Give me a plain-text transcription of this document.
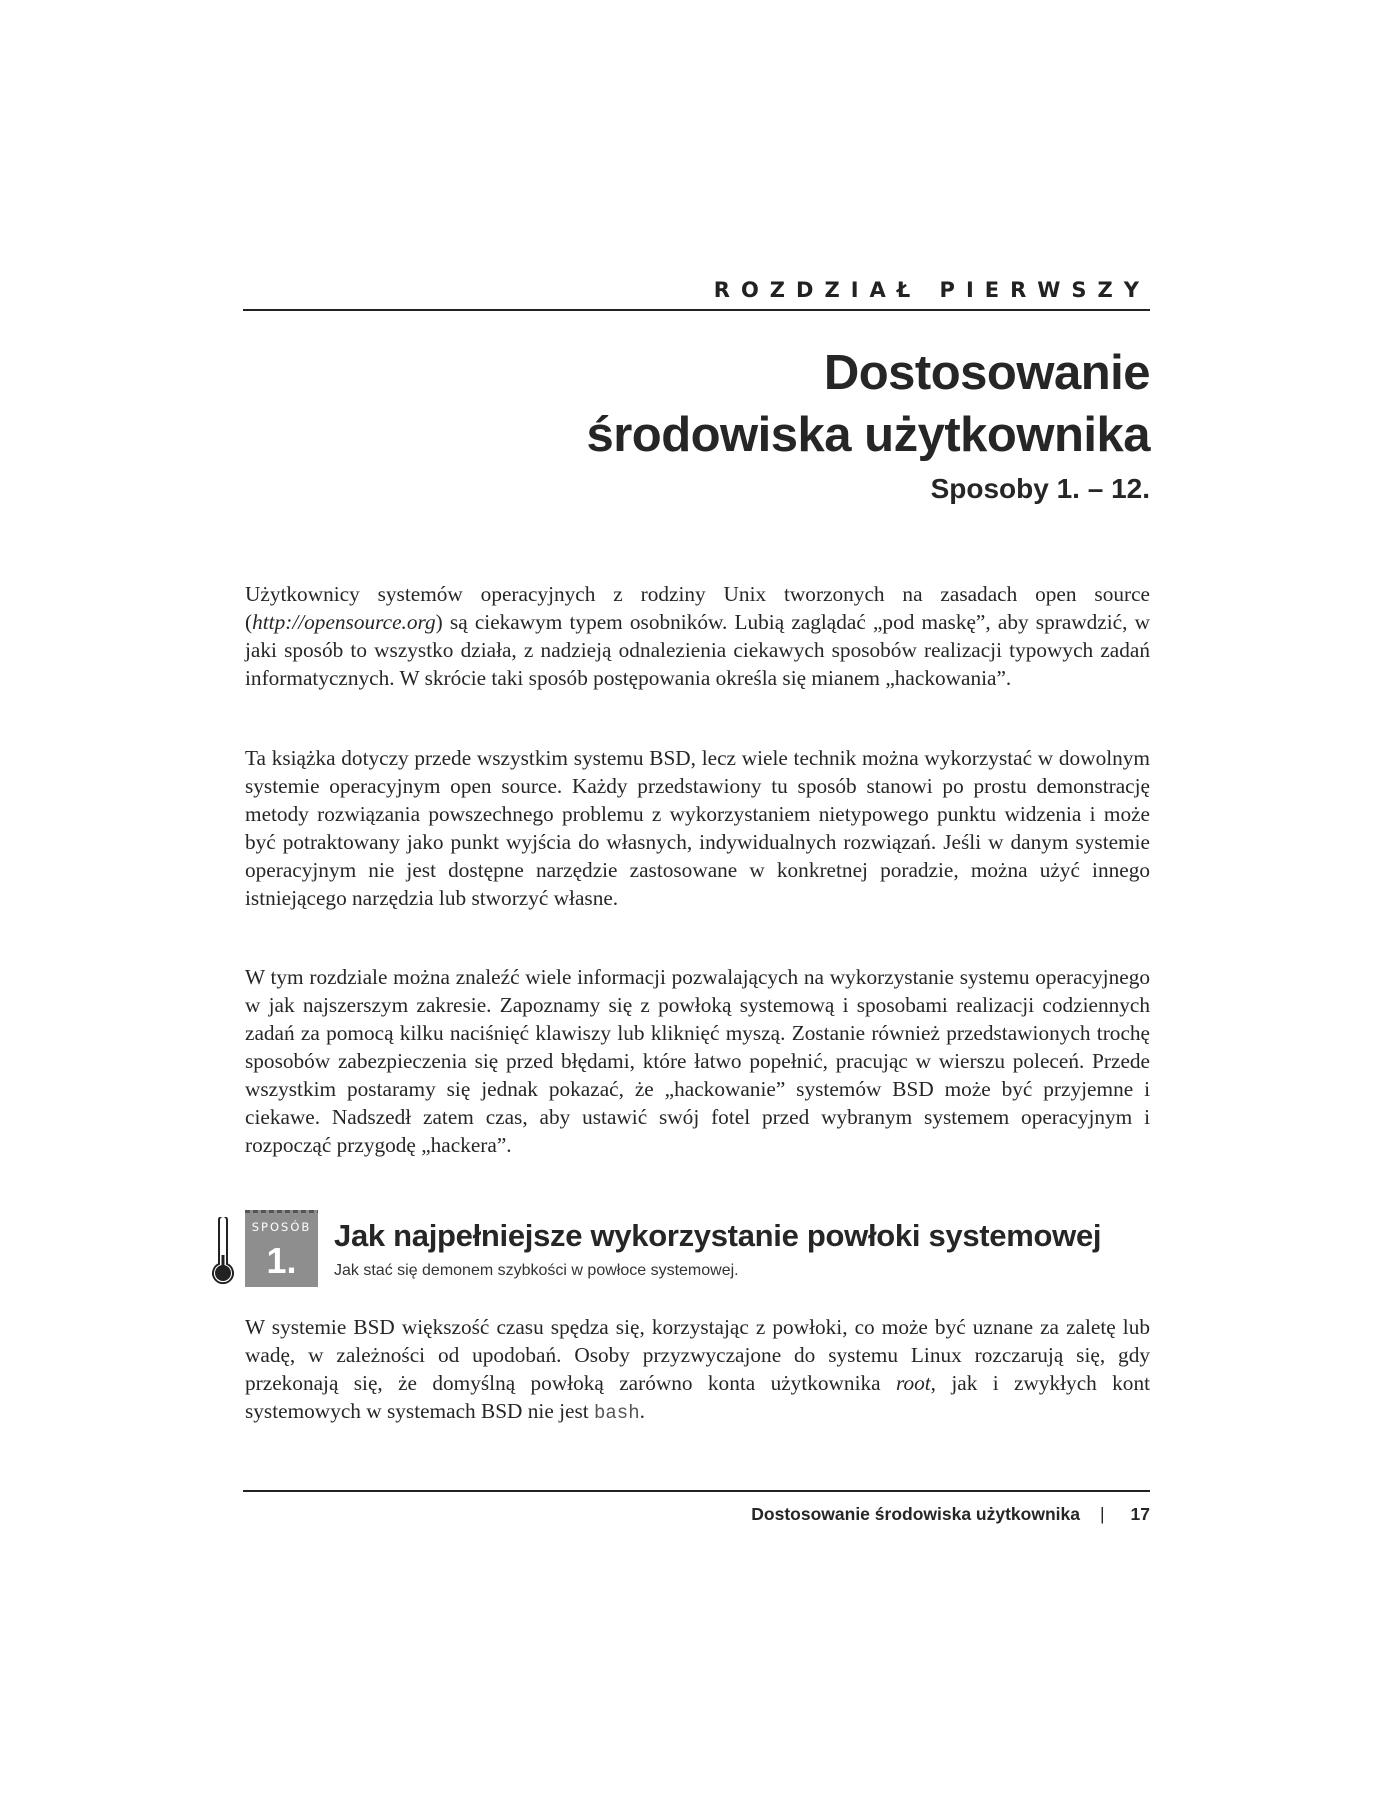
ROZDZIAŁ PIERWSZY
Dostosowanie
środowiska użytkownika
Sposoby 1. – 12.

Użytkownicy systemów operacyjnych z rodziny Unix tworzonych na zasadach open source (http://opensource.org) są ciekawym typem osobników. Lubią zaglądać „pod maskę”, aby sprawdzić, w jaki sposób to wszystko działa, z nadzieją odnalezienia ciekawych sposobów realizacji typowych zadań informatycznych. W skrócie taki sposób postępowania określa się mianem „hackowania”.

Ta książka dotyczy przede wszystkim systemu BSD, lecz wiele technik można wykorzystać w dowolnym systemie operacyjnym open source. Każdy przedstawiony tu sposób stanowi po prostu demonstrację metody rozwiązania powszechnego problemu z wykorzystaniem nietypowego punktu widzenia i może być potraktowany jako punkt wyjścia do własnych, indywidualnych rozwiązań. Jeśli w danym systemie operacyjnym nie jest dostępne narzędzie zastosowane w konkretnej poradzie, można użyć innego istniejącego narzędzia lub stworzyć własne.

W tym rozdziale można znaleźć wiele informacji pozwalających na wykorzystanie systemu operacyjnego w jak najszerszym zakresie. Zapoznamy się z powłoką systemową i sposobami realizacji codziennych zadań za pomocą kilku naciśnięć klawiszy lub kliknięć myszą. Zostanie również przedstawionych trochę sposobów zabezpieczenia się przed błędami, które łatwo popełnić, pracując w wierszu poleceń. Przede wszystkim postaramy się jednak pokazać, że „hackowanie” systemów BSD może być przyjemne i ciekawe. Nadszedł zatem czas, aby ustawić swój fotel przed wybranym systemem operacyjnym i rozpocząć przygodę „hackera”.

SPOSÓB
1.
Jak najpełniejsze wykorzystanie powłoki systemowej
Jak stać się demonem szybkości w powłoce systemowej.

W systemie BSD większość czasu spędza się, korzystając z powłoki, co może być uznane za zaletę lub wadę, w zależności od upodobań. Osoby przyzwyczajone do systemu Linux rozczarują się, gdy przekonają się, że domyślną powłoką zarówno konta użytkownika root, jak i zwykłych kont systemowych w systemach BSD nie jest bash.

Dostosowanie środowiska użytkownika | 17
